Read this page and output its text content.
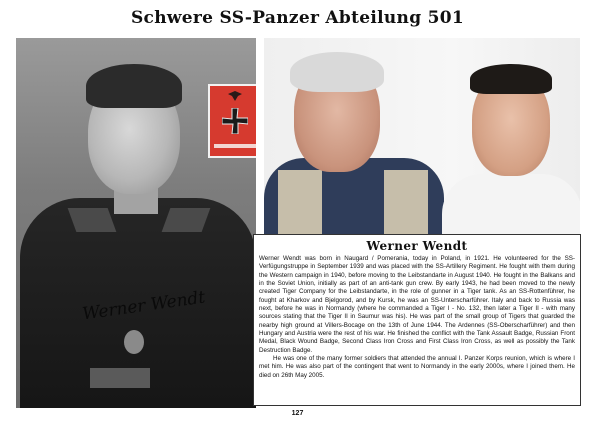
Schwere SS-Panzer Abteilung 501
Werner Wendt
Werner Wendt

Werner Wendt was born in Naugard / Pomerania, today in Poland, in 1921. He volunteered for the SS-Verfügungstruppe in September 1939 and was placed with the SS-Artillery Regiment. He fought with them during the Western campaign in 1940, before moving to the Leibstandarte in August 1940. He fought in the Balkans and in the Soviet Union, initially as part of an anti-tank gun crew. By early 1943, he had been moved to the newly created Tiger Company for the Leibstandarte, in the role of gunner in a Tiger tank. As an SS-Rottenführer, he fought at Kharkov and Bjelgorod, and by Kursk, he was an SS-Unterscharführer. Italy and back to Russia was next, before he was in Normandy (where he commanded a Tiger I - No. 132, then later a Tiger II - with many sources stating that the Tiger II in Saumur was his). He was part of the small group of Tigers that guarded the nearby high ground at Villers-Bocage on the 13th of June 1944. The Ardennes (SS-Oberscharführer) and then Hungary and Austria were the rest of his war. He finished the conflict with the Tank Assault Badge, Russian Front Medal, Black Wound Badge, Second Class Iron Cross and First Class Iron Cross, as well as possibly the Tank Destruction Badge.

He was one of the many former soldiers that attended the annual I. Panzer Korps reunion, which is where I met him. He was also part of the contingent that went to Normandy in the early 2000s, where I joined them. He died on 26th May 2005.

127
